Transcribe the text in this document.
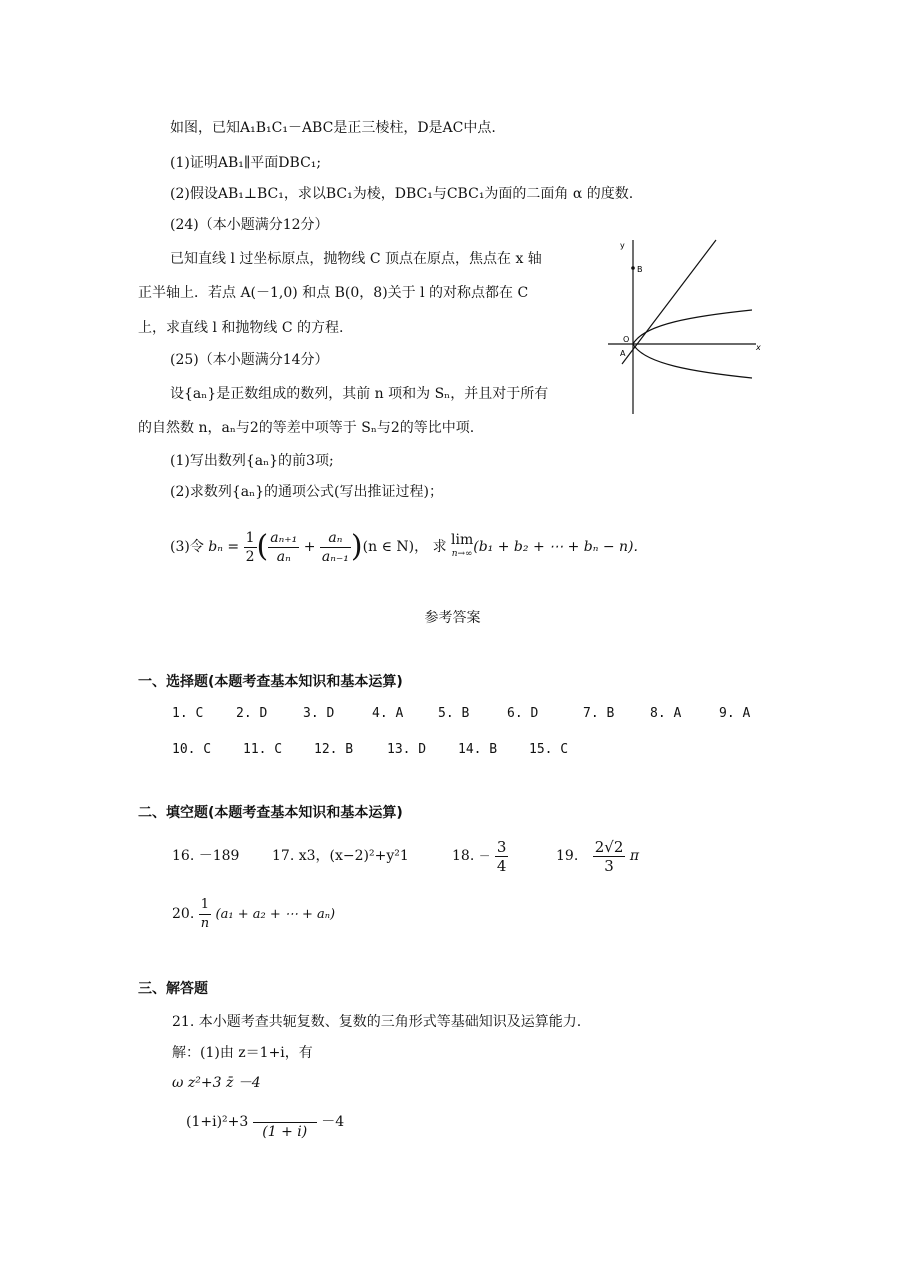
如图，已知A₁B₁C₁－ABC是正三棱柱，D是AC中点.
(1)证明AB₁∥平面DBC₁;
(2)假设AB₁⊥BC₁，求以BC₁为棱，DBC₁与CBC₁为面的二面角 α 的度数.
(24)（本小题满分12分）
已知直线 l 过坐标原点，抛物线 C 顶点在原点，焦点在 x 轴
正半轴上．若点 A(－1,0) 和点 B(0，8)关于 l 的对称点都在 C
上，求直线 l 和抛物线 C 的方程.
B
y
x
O
A
(25)（本小题满分14分）
设{aₙ}是正数组成的数列，其前 n 项和为 Sₙ，并且对于所有
的自然数 n，aₙ与2的等差中项等于 Sₙ与2的等比中项.
(1)写出数列{aₙ}的前3项;
(2)求数列{aₙ}的通项公式(写出推证过程)；
(3)令 $b_n = \frac{1}{2}$ ( $\frac{\text{aₙ₊₁}}{\text{aₙ}} + \frac{\text{aₙ}}{\text{aₙ₋₁}} )(n$ ∈ N)， 求 lim
n→∞ (b₁ + b₂ + ⋯ + bₙ − n).
参考答案
一、选择题(本题考查基本知识和基本运算)
1. C	2. D	3. D	4. A	5. B	6. D	7. B	8. A	9. A
10. C 11. C 12. B	13. D 14. B 15. C
二、填空题(本题考查基本知识和基本运算)
16. －189 17. x3，(x−2)²+y²1	18. − $\frac{3}{4}$	19. $\frac{2√2}{3}$ π
20. $\frac{1}{n} (a_1 + a_2$ + ⋯ + aₙ)
三、解答题
21. 本小题考查共轭复数、复数的三角形式等基础知识及运算能力.
解：(1)由 z＝1+i，有
ω z²+3 z̄ －4
(1+i)²+3
(1 + i)
－4
